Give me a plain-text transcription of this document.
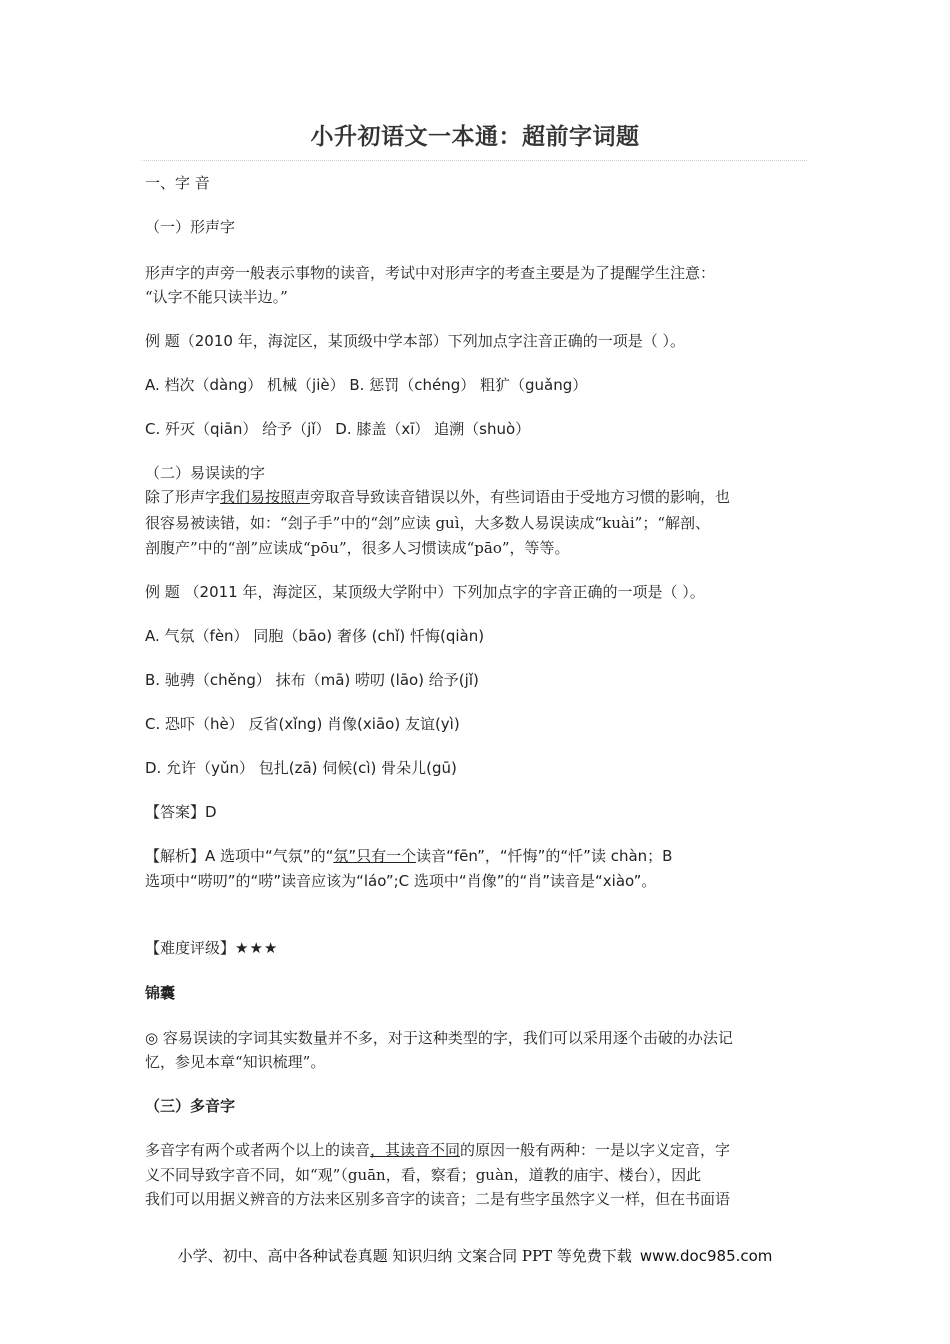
小升初语文一本通：超前字词题
一、字 音
（一）形声字
形声字的声旁一般表示事物的读音，考试中对形声字的考查主要是为了提醒学生注意：
“认字不能只读半边。”
例 题（2010 年，海淀区，某顶级中学本部）下列加点字注音正确的一项是（ ）。
A. 档次（dàng） 机械（jiè） B. 惩罚（chéng） 粗犷（guǎng）
C. 歼灭（qiān） 给予（jǐ） D. 膝盖（xī） 追溯（shuò）
（二）易误读的字
除了形声字我们易按照声旁取音导致读音错误以外，有些词语由于受地方习惯的影响，也
很容易被读错，如：“刽子手”中的“刽”应读 guì，大多数人易误读成“kuài”；“解剖、
剖腹产”中的“剖”应读成“pōu”，很多人习惯读成“pāo”，等等。
例 题 （2011 年，海淀区，某顶级大学附中）下列加点字的字音正确的一项是（ ）。
A. 气氛（fèn） 同胞（bāo) 奢侈 (chǐ) 忏悔(qiàn)
B. 驰骋（chěng） 抹布（mā) 唠叨 (lāo) 给予(jǐ)
C. 恐吓（hè） 反省(xǐng) 肖像(xiāo) 友谊(yì)
D. 允许（yǔn） 包扎(zā) 伺候(cì) 骨朵儿(gū)
【答案】D
【解析】A 选项中“气氛”的“氛”只有一个读音“fēn”，“忏悔”的“忏”读 chàn；B
选项中“唠叨”的“唠”读音应该为“láo”;C 选项中“肖像”的“肖”读音是“xiào”。
【难度评级】★★★
锦囊
◎ 容易误读的字词其实数量并不多，对于这种类型的字，我们可以采用逐个击破的办法记
忆，参见本章“知识梳理”。
（三）多音字
多音字有两个或者两个以上的读音，其读音不同的原因一般有两种：一是以字义定音，字
义不同导致字音不同，如“观”（guān，看，察看；guàn，道教的庙宇、楼台），因此
我们可以用据义辨音的方法来区别多音字的读音；二是有些字虽然字义一样，但在书面语
小学、初中、高中各种试卷真题 知识归纳 文案合同 PPT 等免费下载 www.doc985.com
